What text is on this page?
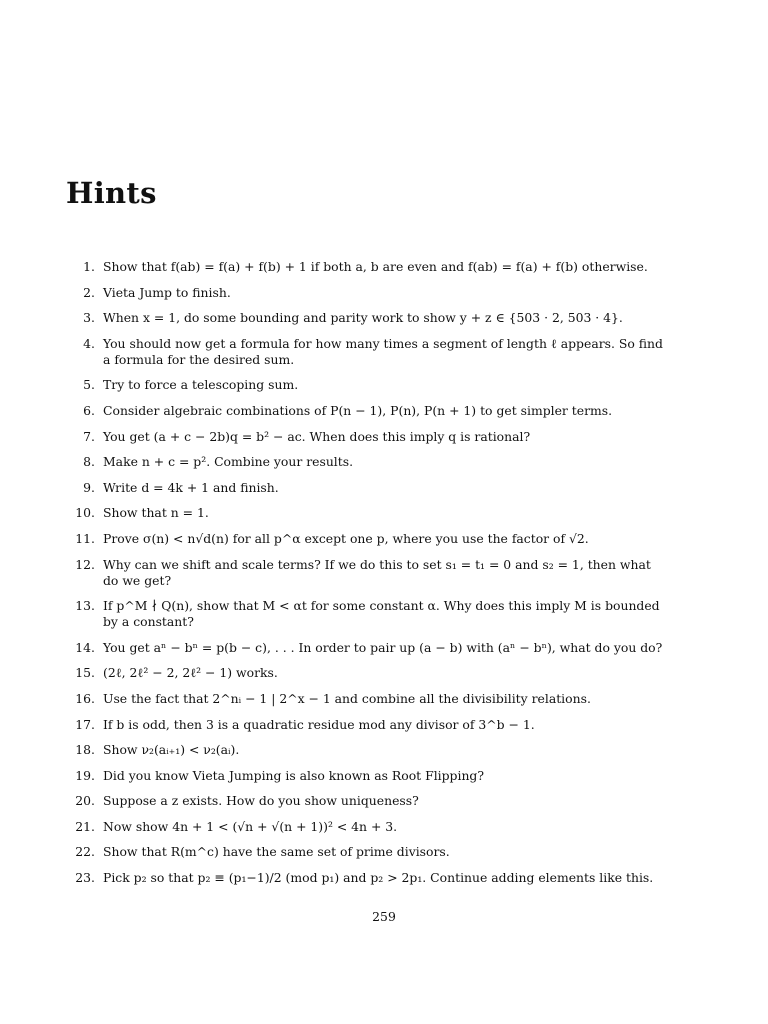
Hints
1. Show that f(ab) = f(a) + f(b) + 1 if both a, b are even and f(ab) = f(a) + f(b) otherwise.
2. Vieta Jump to finish.
3. When x = 1, do some bounding and parity work to show y + z ∈ {503 · 2, 503 · 4}.
4. You should now get a formula for how many times a segment of length ℓ appears. So find a formula for the desired sum.
5. Try to force a telescoping sum.
6. Consider algebraic combinations of P(n − 1), P(n), P(n + 1) to get simpler terms.
7. You get (a + c − 2b)q = b² − ac. When does this imply q is rational?
8. Make n + c = p². Combine your results.
9. Write d = 4k + 1 and finish.
10. Show that n = 1.
11. Prove σ(n) < n√d(n) for all p^α except one p, where you use the factor of √2.
12. Why can we shift and scale terms? If we do this to set s₁ = t₁ = 0 and s₂ = 1, then what do we get?
13. If p^M ∤ Q(n), show that M < αt for some constant α. Why does this imply M is bounded by a constant?
14. You get aⁿ − bⁿ = p(b − c), . . . In order to pair up (a − b) with (aⁿ − bⁿ), what do you do?
15. (2ℓ, 2ℓ² − 2, 2ℓ² − 1) works.
16. Use the fact that 2^nᵢ − 1 | 2^x − 1 and combine all the divisibility relations.
17. If b is odd, then 3 is a quadratic residue mod any divisor of 3^b − 1.
18. Show ν₂(aᵢ₊₁) < ν₂(aᵢ).
19. Did you know Vieta Jumping is also known as Root Flipping?
20. Suppose a z exists. How do you show uniqueness?
21. Now show 4n + 1 < (√n + √(n + 1))² < 4n + 3.
22. Show that R(m^c) have the same set of prime divisors.
23. Pick p₂ so that p₂ ≡ (p₁−1)/2 (mod p₁) and p₂ > 2p₁. Continue adding elements like this.
259
